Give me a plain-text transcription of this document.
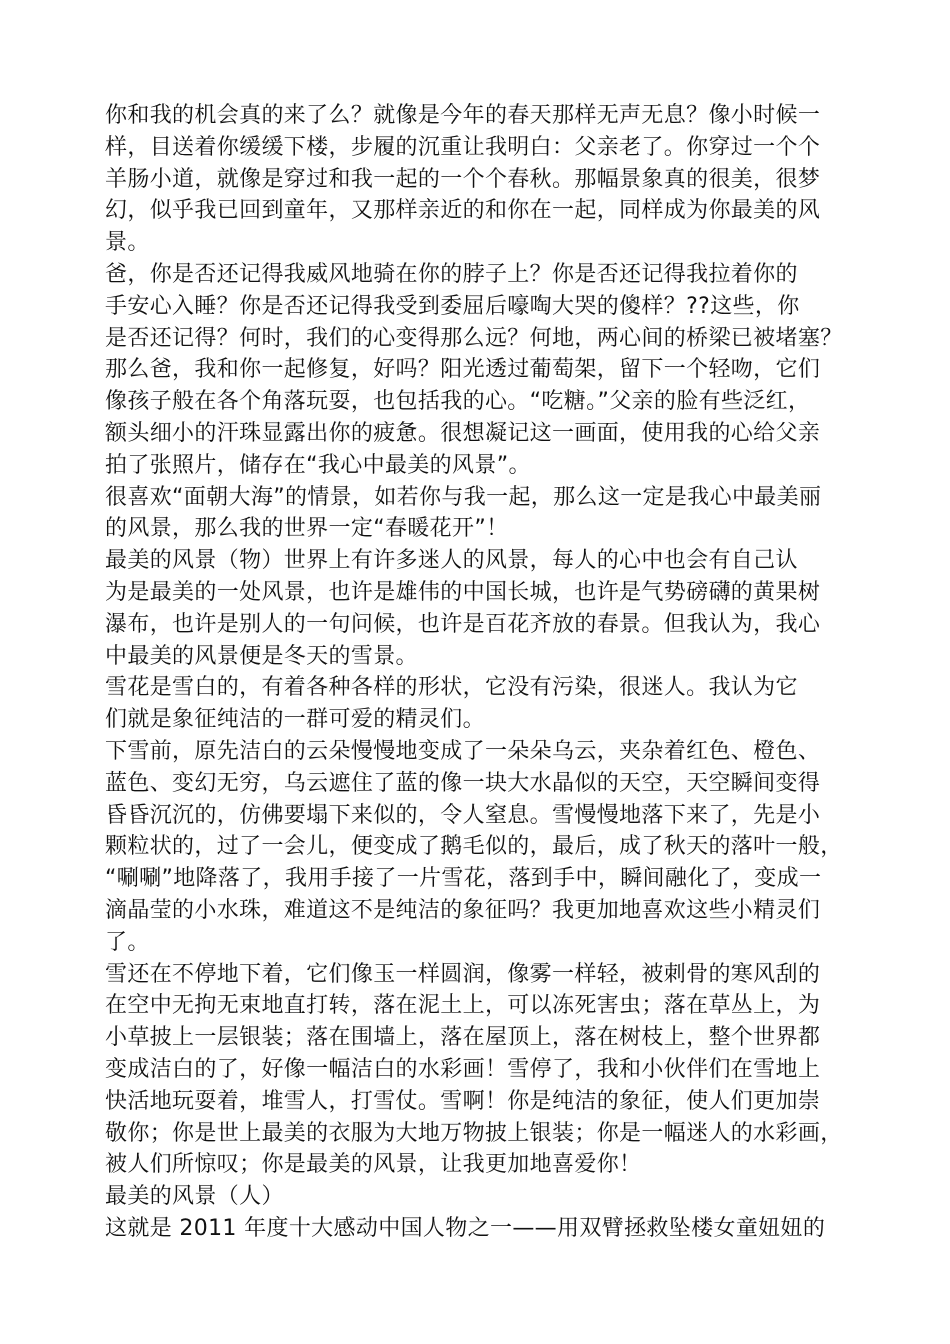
你和我的机会真的来了么？就像是今年的春天那样无声无息？像小时候一
样，目送着你缓缓下楼，步履的沉重让我明白：父亲老了。你穿过一个个
羊肠小道，就像是穿过和我一起的一个个春秋。那幅景象真的很美，很梦
幻，似乎我已回到童年，又那样亲近的和你在一起，同样成为你最美的风
景。
爸，你是否还记得我威风地骑在你的脖子上？你是否还记得我拉着你的
手安心入睡？你是否还记得我受到委屈后嚎啕大哭的傻样？??这些，你
是否还记得？何时，我们的心变得那么远？何地，两心间的桥梁已被堵塞？
那么爸，我和你一起修复，好吗？阳光透过葡萄架，留下一个轻吻，它们
像孩子般在各个角落玩耍，也包括我的心。“吃糖。”父亲的脸有些泛红，
额头细小的汗珠显露出你的疲惫。很想凝记这一画面，使用我的心给父亲
拍了张照片，储存在“我心中最美的风景”。
很喜欢“面朝大海”的情景，如若你与我一起，那么这一定是我心中最美丽
的风景，那么我的世界一定“春暖花开”！
最美的风景（物）世界上有许多迷人的风景，每人的心中也会有自己认
为是最美的一处风景，也许是雄伟的中国长城，也许是气势磅礴的黄果树
瀑布，也许是别人的一句问候，也许是百花齐放的春景。但我认为，我心
中最美的风景便是冬天的雪景。
雪花是雪白的，有着各种各样的形状，它没有污染，很迷人。我认为它
们就是象征纯洁的一群可爱的精灵们。
下雪前，原先洁白的云朵慢慢地变成了一朵朵乌云，夹杂着红色、橙色、
蓝色、变幻无穷，乌云遮住了蓝的像一块大水晶似的天空，天空瞬间变得
昏昏沉沉的，仿佛要塌下来似的，令人窒息。雪慢慢地落下来了，先是小
颗粒状的，过了一会儿，便变成了鹅毛似的，最后，成了秋天的落叶一般，
“唰唰”地降落了，我用手接了一片雪花，落到手中，瞬间融化了，变成一
滴晶莹的小水珠，难道这不是纯洁的象征吗？我更加地喜欢这些小精灵们
了。
雪还在不停地下着，它们像玉一样圆润，像雾一样轻，被刺骨的寒风刮的
在空中无拘无束地直打转，落在泥土上，可以冻死害虫；落在草丛上，为
小草披上一层银装；落在围墙上，落在屋顶上，落在树枝上，整个世界都
变成洁白的了，好像一幅洁白的水彩画！雪停了，我和小伙伴们在雪地上
快活地玩耍着，堆雪人，打雪仗。雪啊！你是纯洁的象征，使人们更加崇
敬你；你是世上最美的衣服为大地万物披上银装；你是一幅迷人的水彩画，
被人们所惊叹；你是最美的风景，让我更加地喜爱你！
最美的风景（人）
这就是 2011 年度十大感动中国人物之一——用双臂拯救坠楼女童妞妞的
